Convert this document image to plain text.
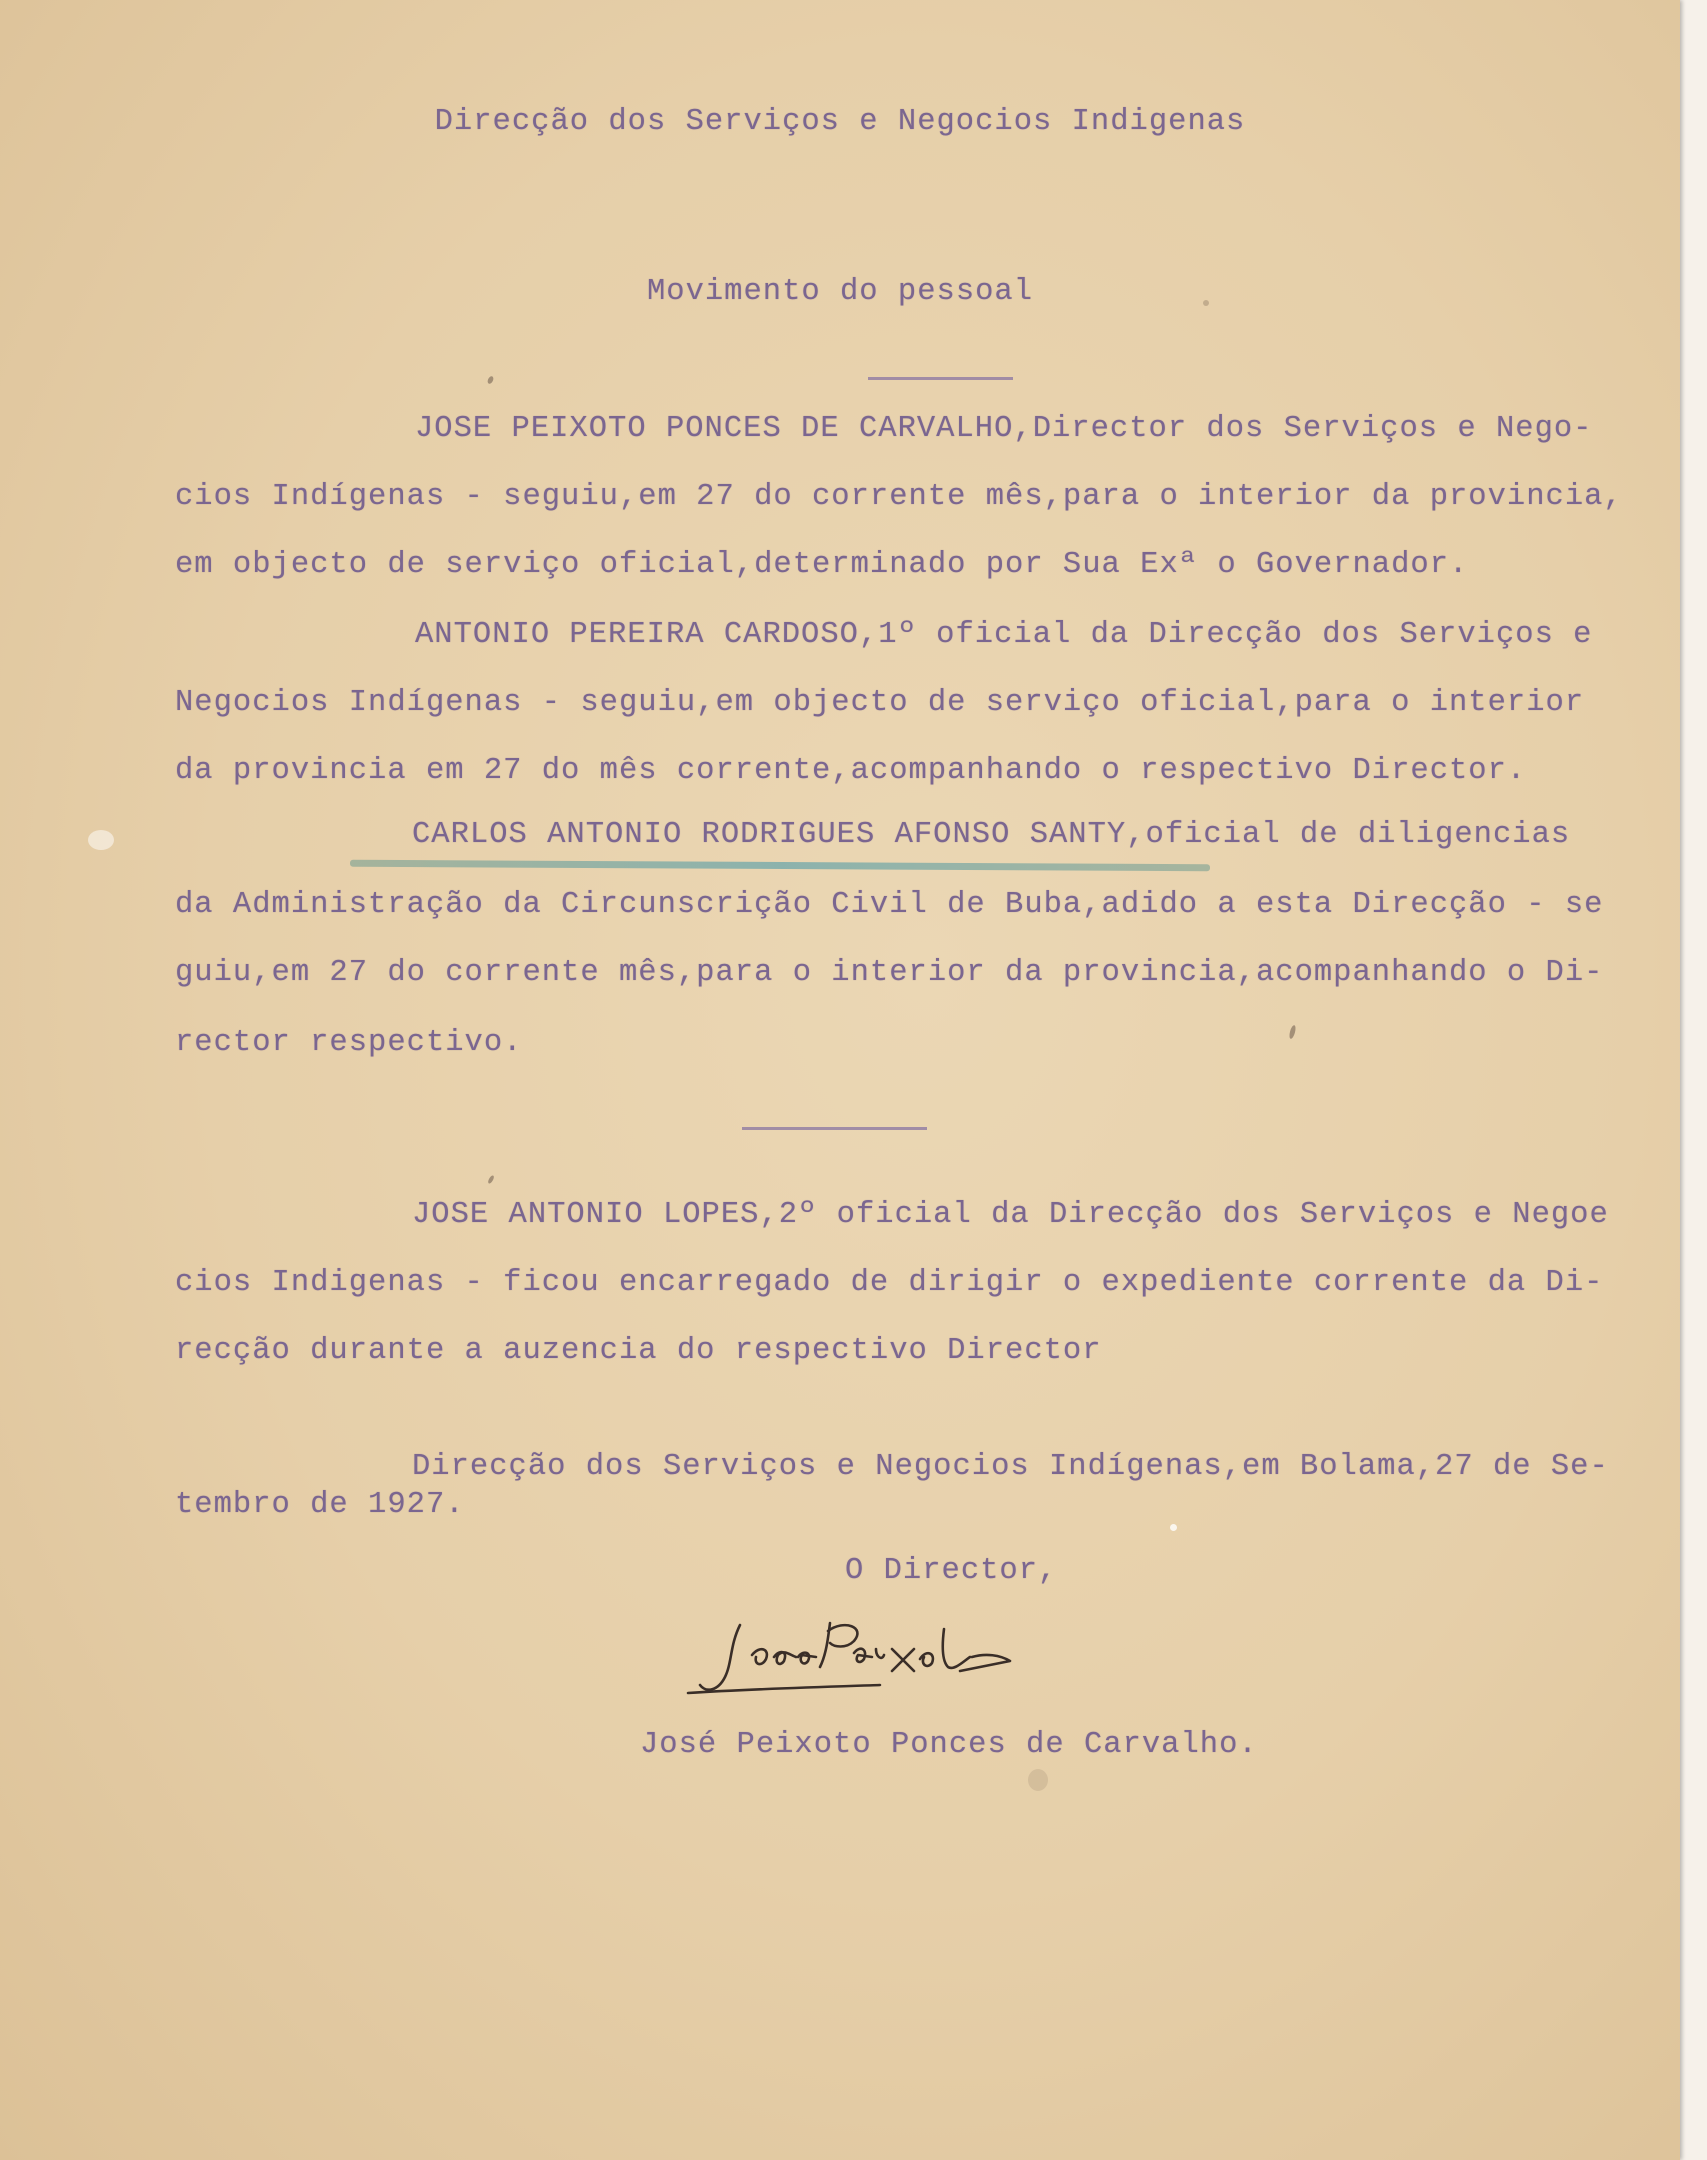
Direcção dos Serviços e Negocios Indigenas

Movimento do pessoal

JOSE PEIXOTO PONCES DE CARVALHO,Director dos Serviços e Nego-

cios Indígenas - seguiu,em 27 do corrente mês,para o interior da provincia,

em objecto de serviço oficial,determinado por Sua Exª o Governador.

ANTONIO PEREIRA CARDOSO,1º oficial da Direcção dos Serviços e

Negocios Indígenas - seguiu,em objecto de serviço oficial,para o interior

da provincia em 27 do mês corrente,acompanhando o respectivo Director.

CARLOS ANTONIO RODRIGUES AFONSO SANTY,oficial de diligencias

da Administração da Circunscrição Civil de Buba,adido a esta Direcção - se

guiu,em 27 do corrente mês,para o interior da provincia,acompanhando o Di-

rector respectivo.

JOSE ANTONIO LOPES,2º oficial da Direcção dos Serviços e Negoe

cios Indigenas - ficou encarregado de dirigir o expediente corrente da Di-

recção durante a auzencia do respectivo Director

Direcção dos Serviços e Negocios Indígenas,em Bolama,27 de Se-

tembro de 1927.

O Director,

José Peixoto Ponces de Carvalho.
